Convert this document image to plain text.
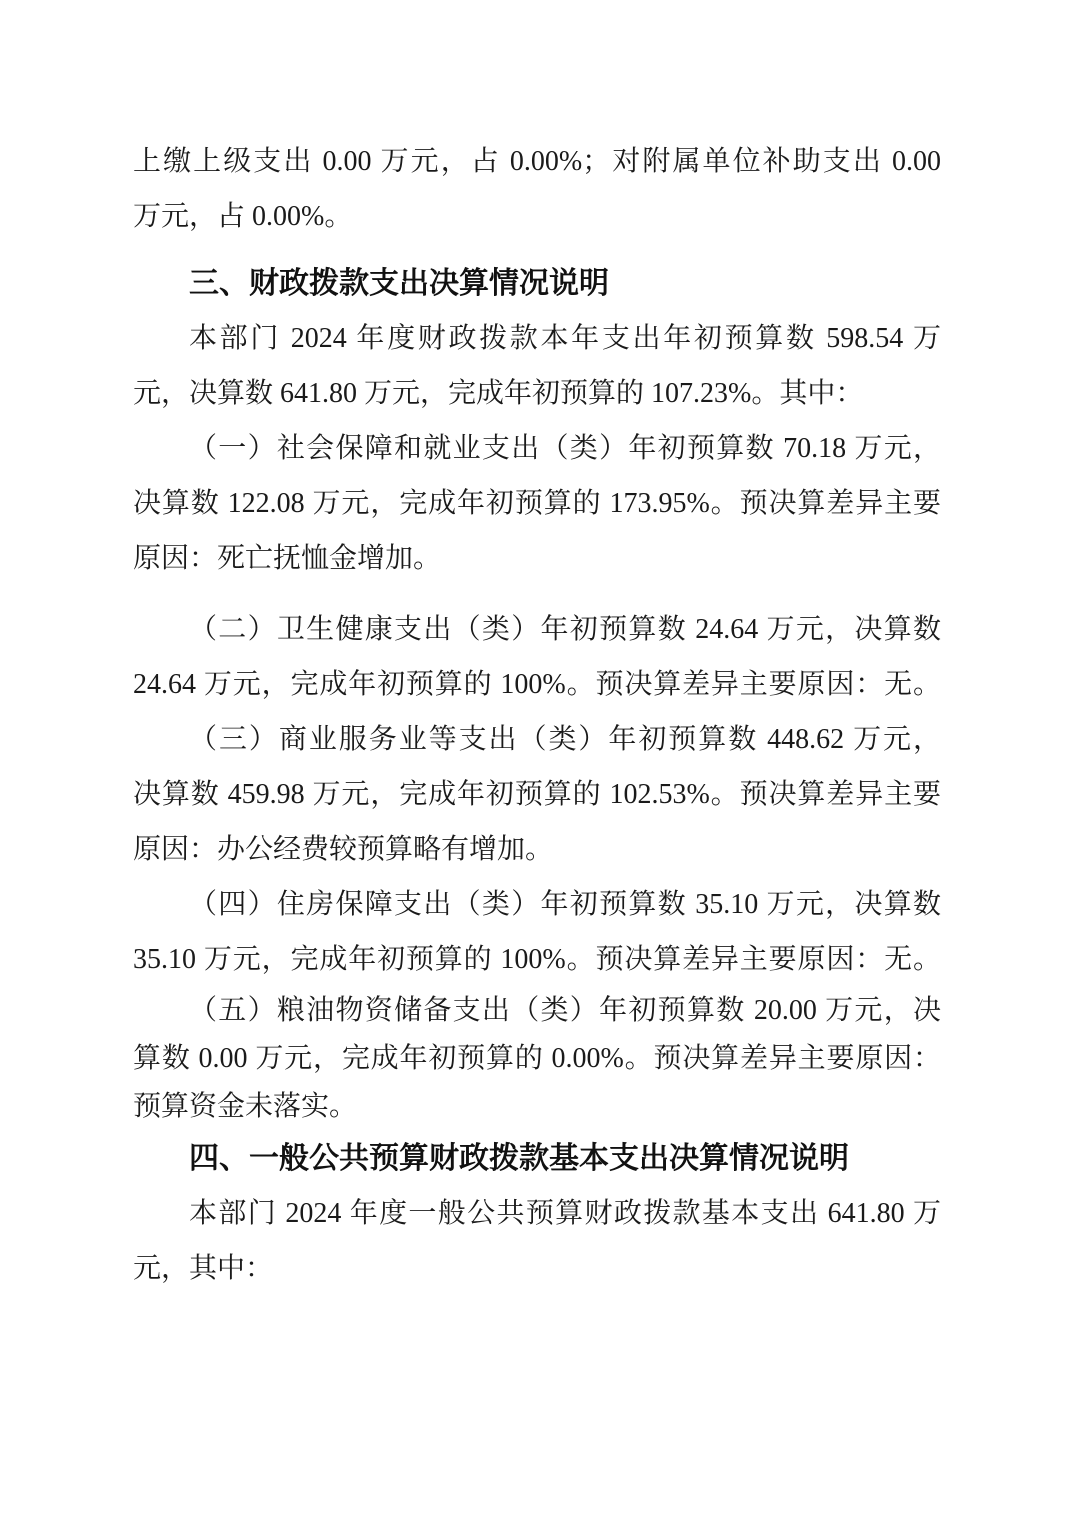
上缴上级支出 0.00 万元，占 0.00%；对附属单位补助支出 0.00
万元，占 0.00%。
三、财政拨款支出决算情况说明
本部门 2024 年度财政拨款本年支出年初预算数 598.54 万
元，决算数 641.80 万元，完成年初预算的 107.23%。其中：
（一）社会保障和就业支出（类）年初预算数 70.18 万元，
决算数 122.08 万元，完成年初预算的 173.95%。预决算差异主要
原因：死亡抚恤金增加。
（二）卫生健康支出（类）年初预算数 24.64 万元，决算数
24.64 万元，完成年初预算的 100%。预决算差异主要原因：无。
（三）商业服务业等支出（类）年初预算数 448.62 万元，
决算数 459.98 万元，完成年初预算的 102.53%。预决算差异主要
原因：办公经费较预算略有增加。
（四）住房保障支出（类）年初预算数 35.10 万元，决算数
35.10 万元，完成年初预算的 100%。预决算差异主要原因：无。
（五）粮油物资储备支出（类）年初预算数 20.00 万元，决
算数 0.00 万元，完成年初预算的 0.00%。预决算差异主要原因：
预算资金未落实。
四、一般公共预算财政拨款基本支出决算情况说明
本部门 2024 年度一般公共预算财政拨款基本支出 641.80 万
元，其中：
